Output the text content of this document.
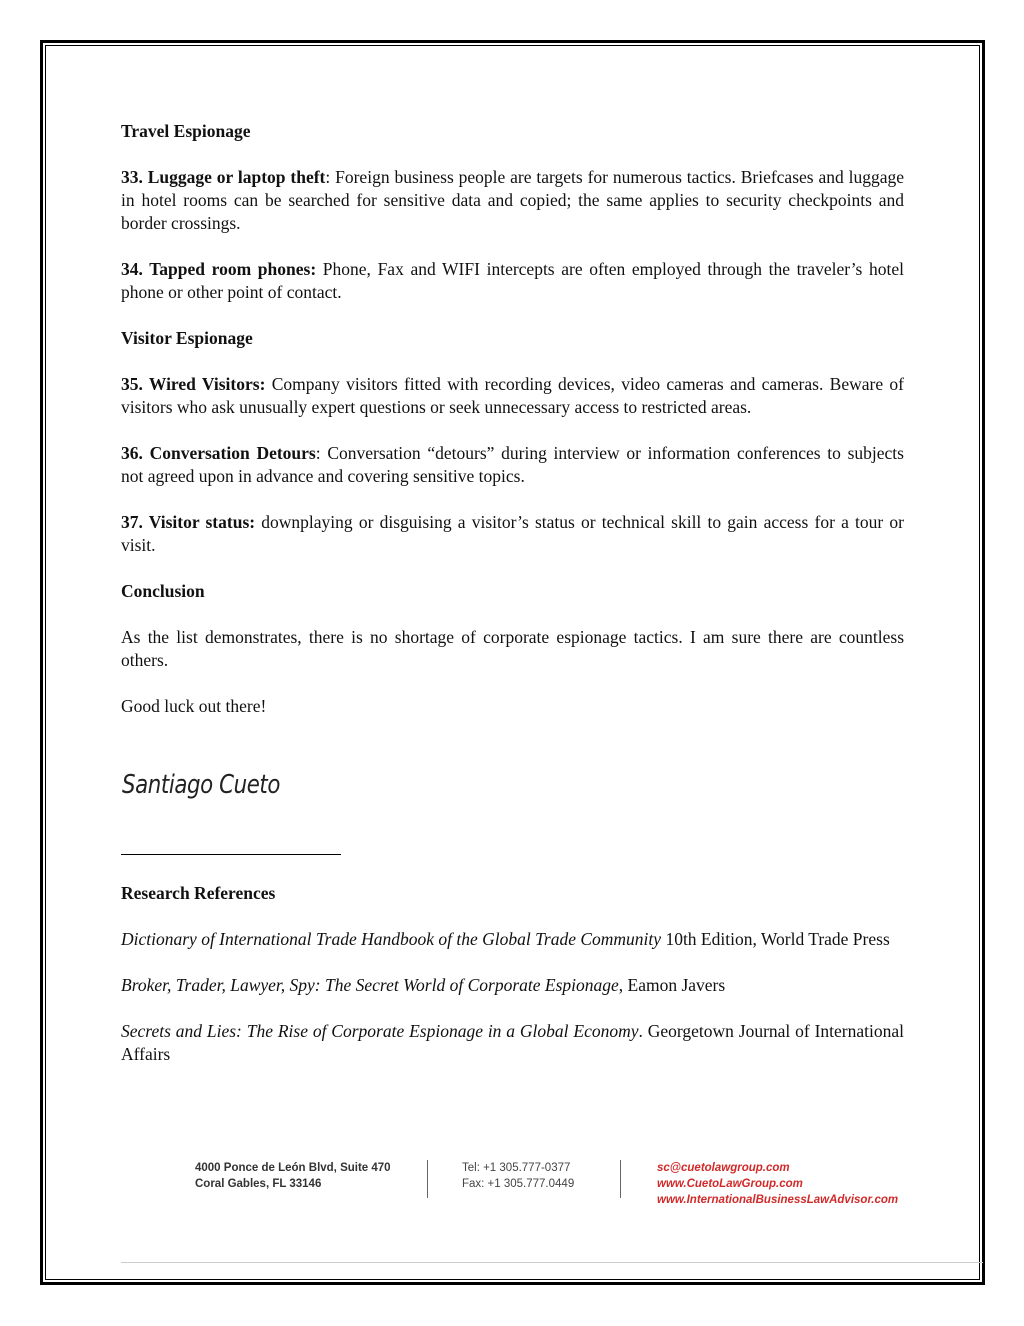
Travel Espionage

33. Luggage or laptop theft: Foreign business people are targets for numerous tactics. Briefcases and luggage in hotel rooms can be searched for sensitive data and copied; the same applies to security checkpoints and border crossings.

34. Tapped room phones: Phone, Fax and WIFI intercepts are often employed through the traveler’s hotel phone or other point of contact.

Visitor Espionage

35. Wired Visitors: Company visitors fitted with recording devices, video cameras and cameras. Beware of visitors who ask unusually expert questions or seek unnecessary access to restricted areas.

36. Conversation Detours: Conversation “detours” during interview or information conferences to subjects not agreed upon in advance and covering sensitive topics.

37. Visitor status: downplaying or disguising a visitor’s status or technical skill to gain access for a tour or visit.

Conclusion

As the list demonstrates, there is no shortage of corporate espionage tactics. I am sure there are countless others.

Good luck out there!

Santiago Cueto

Research References

Dictionary of International Trade Handbook of the Global Trade Community 10th Edition, World Trade Press

Broker, Trader, Lawyer, Spy: The Secret World of Corporate Espionage, Eamon Javers

Secrets and Lies: The Rise of Corporate Espionage in a Global Economy. Georgetown Journal of International Affairs

4000 Ponce de León Blvd, Suite 470
Coral Gables, FL 33146
Tel: +1 305.777-0377
Fax: +1 305.777.0449
sc@cuetolawgroup.com
www.CuetoLawGroup.com
www.InternationalBusinessLawAdvisor.com
